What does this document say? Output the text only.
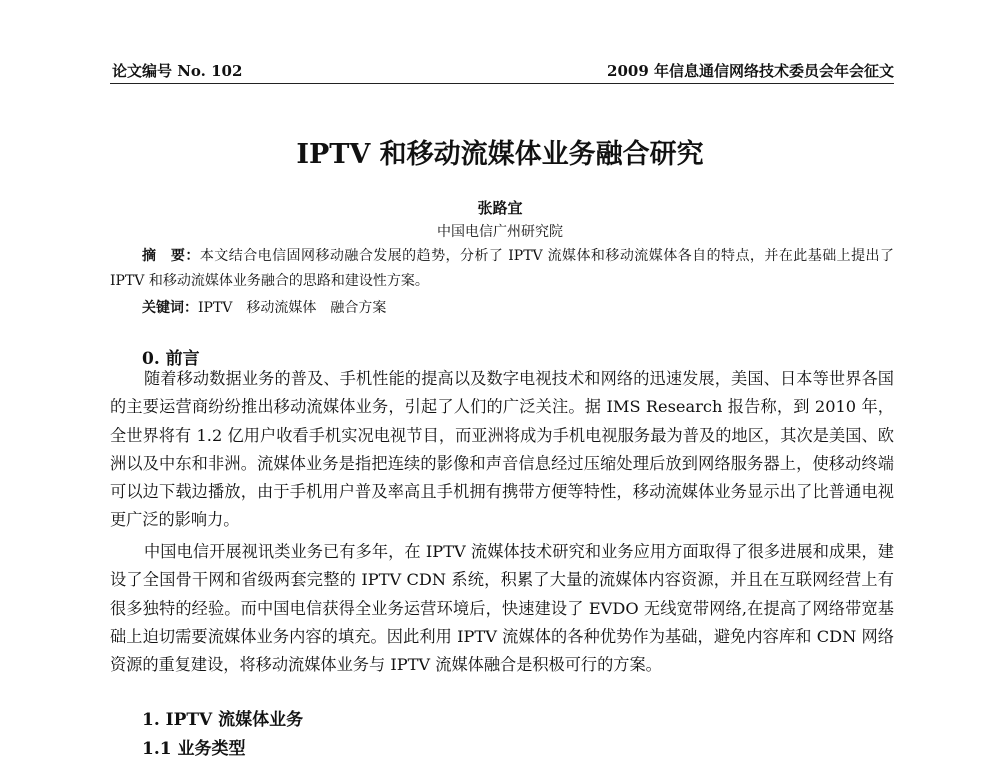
论文编号 No. 102	2009 年信息通信网络技术委员会年会征文
IPTV 和移动流媒体业务融合研究
张路宜
中国电信广州研究院
摘　要：本文结合电信固网移动融合发展的趋势，分析了 IPTV 流媒体和移动流媒体各自的特点，并在此基础上提出了 IPTV 和移动流媒体业务融合的思路和建设性方案。
关键词：IPTV 移动流媒体 融合方案
0. 前言
随着移动数据业务的普及、手机性能的提高以及数字电视技术和网络的迅速发展，美国、日本等世界各国的主要运营商纷纷推出移动流媒体业务，引起了人们的广泛关注。据 IMS Research 报告称，到 2010 年，全世界将有 1.2 亿用户收看手机实况电视节目，而亚洲将成为手机电视服务最为普及的地区，其次是美国、欧洲以及中东和非洲。流媒体业务是指把连续的影像和声音信息经过压缩处理后放到网络服务器上，使移动终端可以边下载边播放，由于手机用户普及率高且手机拥有携带方便等特性，移动流媒体业务显示出了比普通电视更广泛的影响力。
中国电信开展视讯类业务已有多年，在 IPTV 流媒体技术研究和业务应用方面取得了很多进展和成果，建设了全国骨干网和省级两套完整的 IPTV CDN 系统，积累了大量的流媒体内容资源，并且在互联网经营上有很多独特的经验。而中国电信获得全业务运营环境后，快速建设了 EVDO 无线宽带网络,在提高了网络带宽基础上迫切需要流媒体业务内容的填充。因此利用 IPTV 流媒体的各种优势作为基础，避免内容库和 CDN 网络资源的重复建设，将移动流媒体业务与 IPTV 流媒体融合是积极可行的方案。
1. IPTV 流媒体业务
1.1 业务类型
